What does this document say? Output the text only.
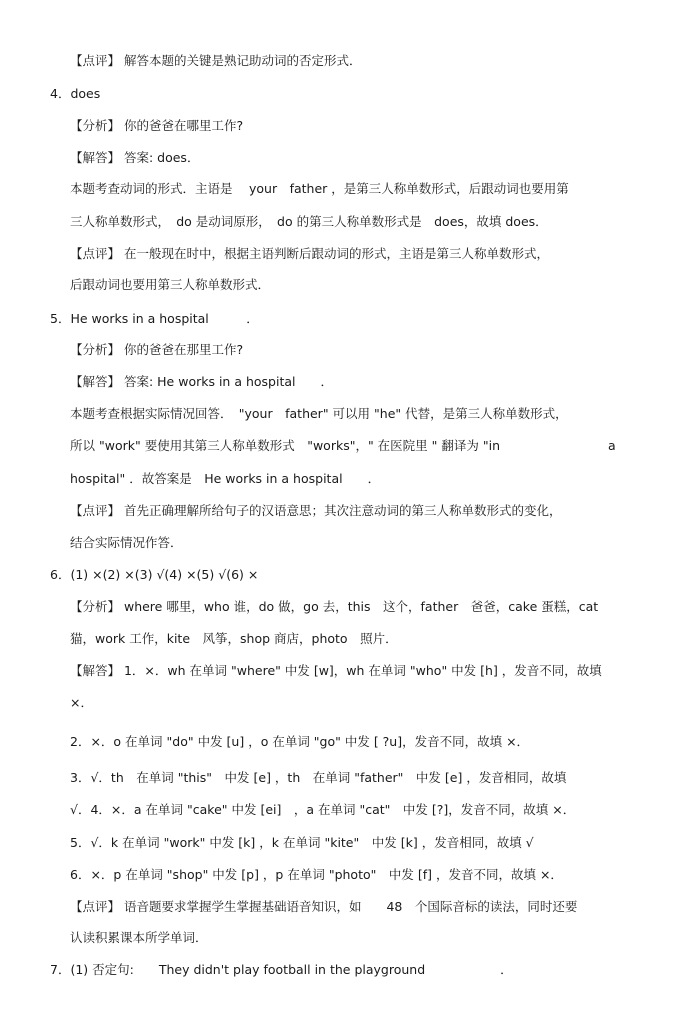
【点评】 解答本题的关键是熟记助动词的否定形式．
4．does
【分析】 你的爸爸在哪里工作?
【解答】 答案: does．
本题考查动词的形式．主语是　 your　father ，是第三人称单数形式，后跟动词也要用第
三人称单数形式，　do 是动词原形，　do 的第三人称单数形式是　does，故填 does．
【点评】 在一般现在时中，根据主语判断后跟动词的形式，主语是第三人称单数形式，
后跟动词也要用第三人称单数形式．
5．He works in a hospital　　　．
【分析】 你的爸爸在那里工作?
【解答】 答案: He works in a hospital　　．
本题考查根据实际情况回答．　"your　father" 可以用 "he" 代替，是第三人称单数形式，
所以 "work" 要使用其第三人称单数形式　"works"，" 在医院里 " 翻译为 "in	a
hospital" ．故答案是　He works in a hospital　　．
【点评】 首先正确理解所给句子的汉语意思；其次注意动词的第三人称单数形式的变化，
结合实际情况作答．
6．(1) ×(2) ×(3) √(4) ×(5) √(6) ×
【分析】 where 哪里，who 谁，do 做，go 去，this　这个，father　爸爸，cake 蛋糕，cat
猫，work 工作，kite　风筝，shop 商店，photo　照片．
【解答】 1．×．wh 在单词 "where" 中发 [w]，wh 在单词 "who" 中发 [h] ，发音不同，故填
×．
2．×．o 在单词 "do" 中发 [u] ，o 在单词 "go" 中发 [ ?u]，发音不同，故填 ×．
3．√．th　在单词 "this"　中发 [e] ，th　在单词 "father"　中发 [e] ，发音相同，故填
√．4．×．a 在单词 "cake" 中发 [ei]　，a 在单词 "cat"　中发 [?]，发音不同，故填 ×．
5．√．k 在单词 "work" 中发 [k] ，k 在单词 "kite"　中发 [k] ，发音相同，故填 √
6．×．p 在单词 "shop" 中发 [p] ，p 在单词 "photo"　中发 [f] ，发音不同，故填 ×．
【点评】 语音题要求掌握学生掌握基础语音知识，如　　48　个国际音标的读法，同时还要
认读积累课本所学单词．
7．(1) 否定句:　　They didn't play football in the playground　　　　　　．
